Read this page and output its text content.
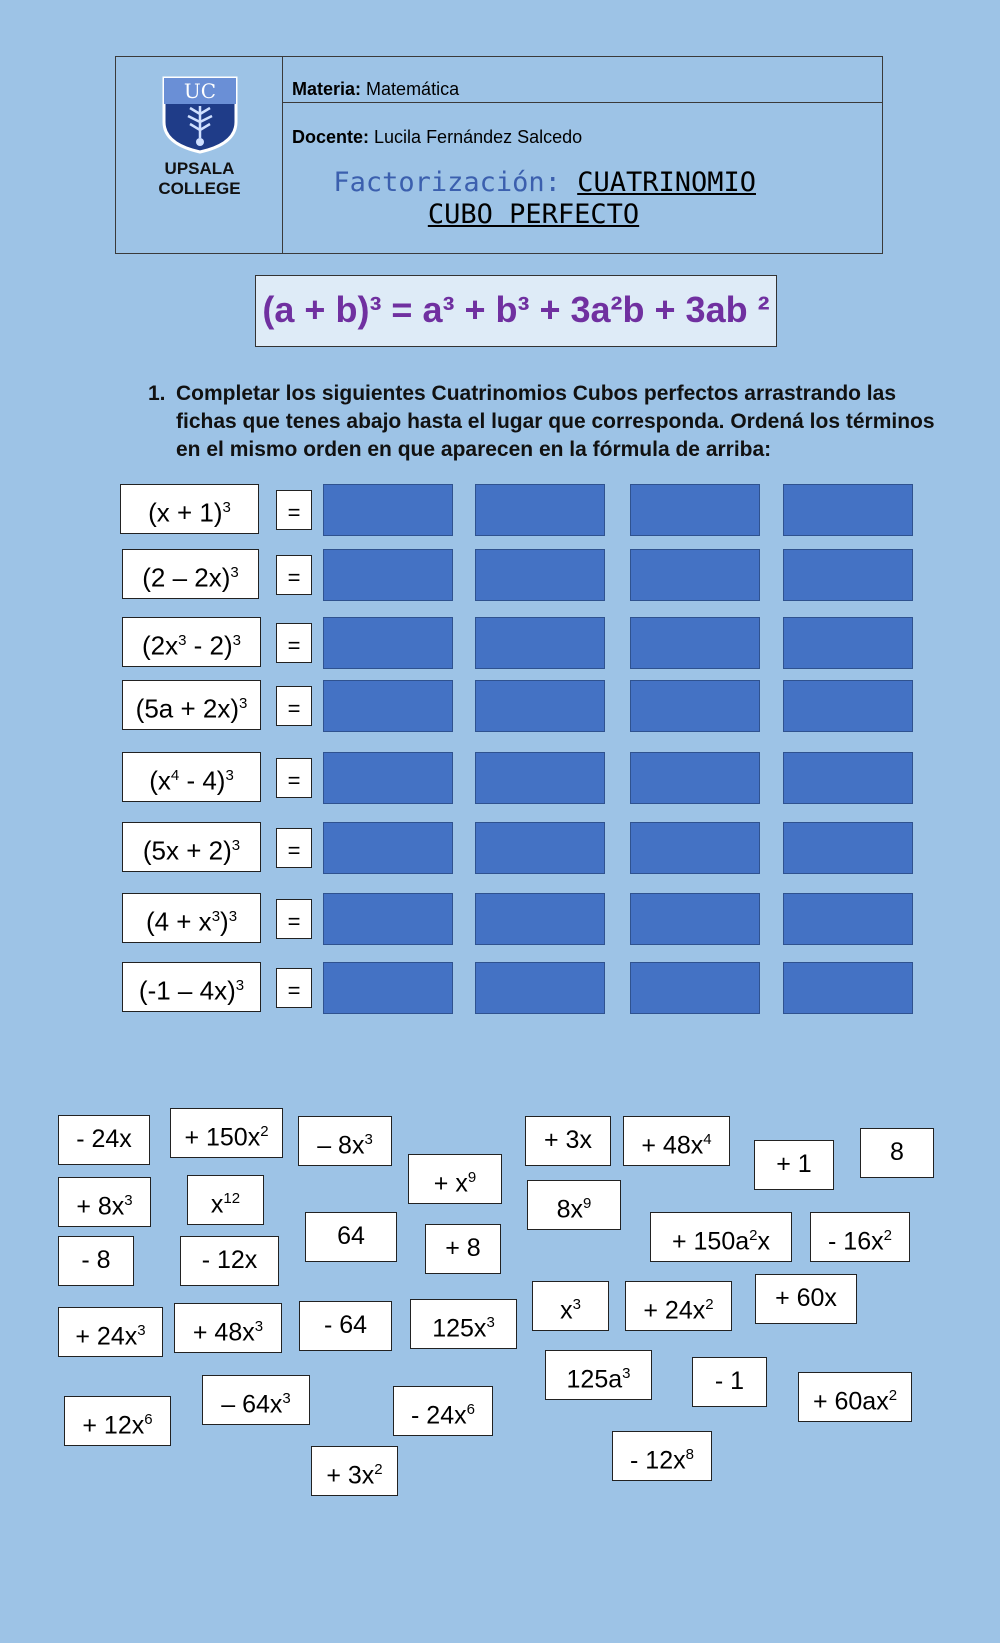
UC
UPSALA
COLLEGE
Materia: Matemática
Docente: Lucila Fernández Salcedo
Factorización: CUATRINOMIO
CUBO PERFECTO
(a + b)³ = a³ + b³ + 3a²b + 3ab ²
1. Completar los siguientes Cuatrinomios Cubos perfectos arrastrando las fichas que tenes abajo hasta el lugar que corresponda. Ordená los términos en el mismo orden en que aparecen en la fórmula de arriba:
$(x + 1)^3$	=
(2 – 2x)$^3$	=
$(2x^3 - 2)^3$	=
$(5a + 2x)^3$	=
$(x^4 - 4)^3$	=
$(5x + 2)^3$	=
$(4 + x^3)^3$	=
(-1 – 4x)$^3$	=
- 24x	+ $150x^2$	– $8x^3$	+ 3x	+ $48x^4$	8
+ 1
+ $x^9$
+ $8x^3$	$x^{12}$	$8x^9$
64	+ $150a^2x$	- $16x^2$
- 8	- 12x	+ 8
$x^3$	+ $24x^2$	+ 60x
+ $24x^3$	+ $48x^3$	- 64	$125x^3$
$125a^3$	- 1
+ $60ax^2$
+ $12x^6$
– $64x^3$
- $24x^6$
+ $3x^2$	- $12x^8$
